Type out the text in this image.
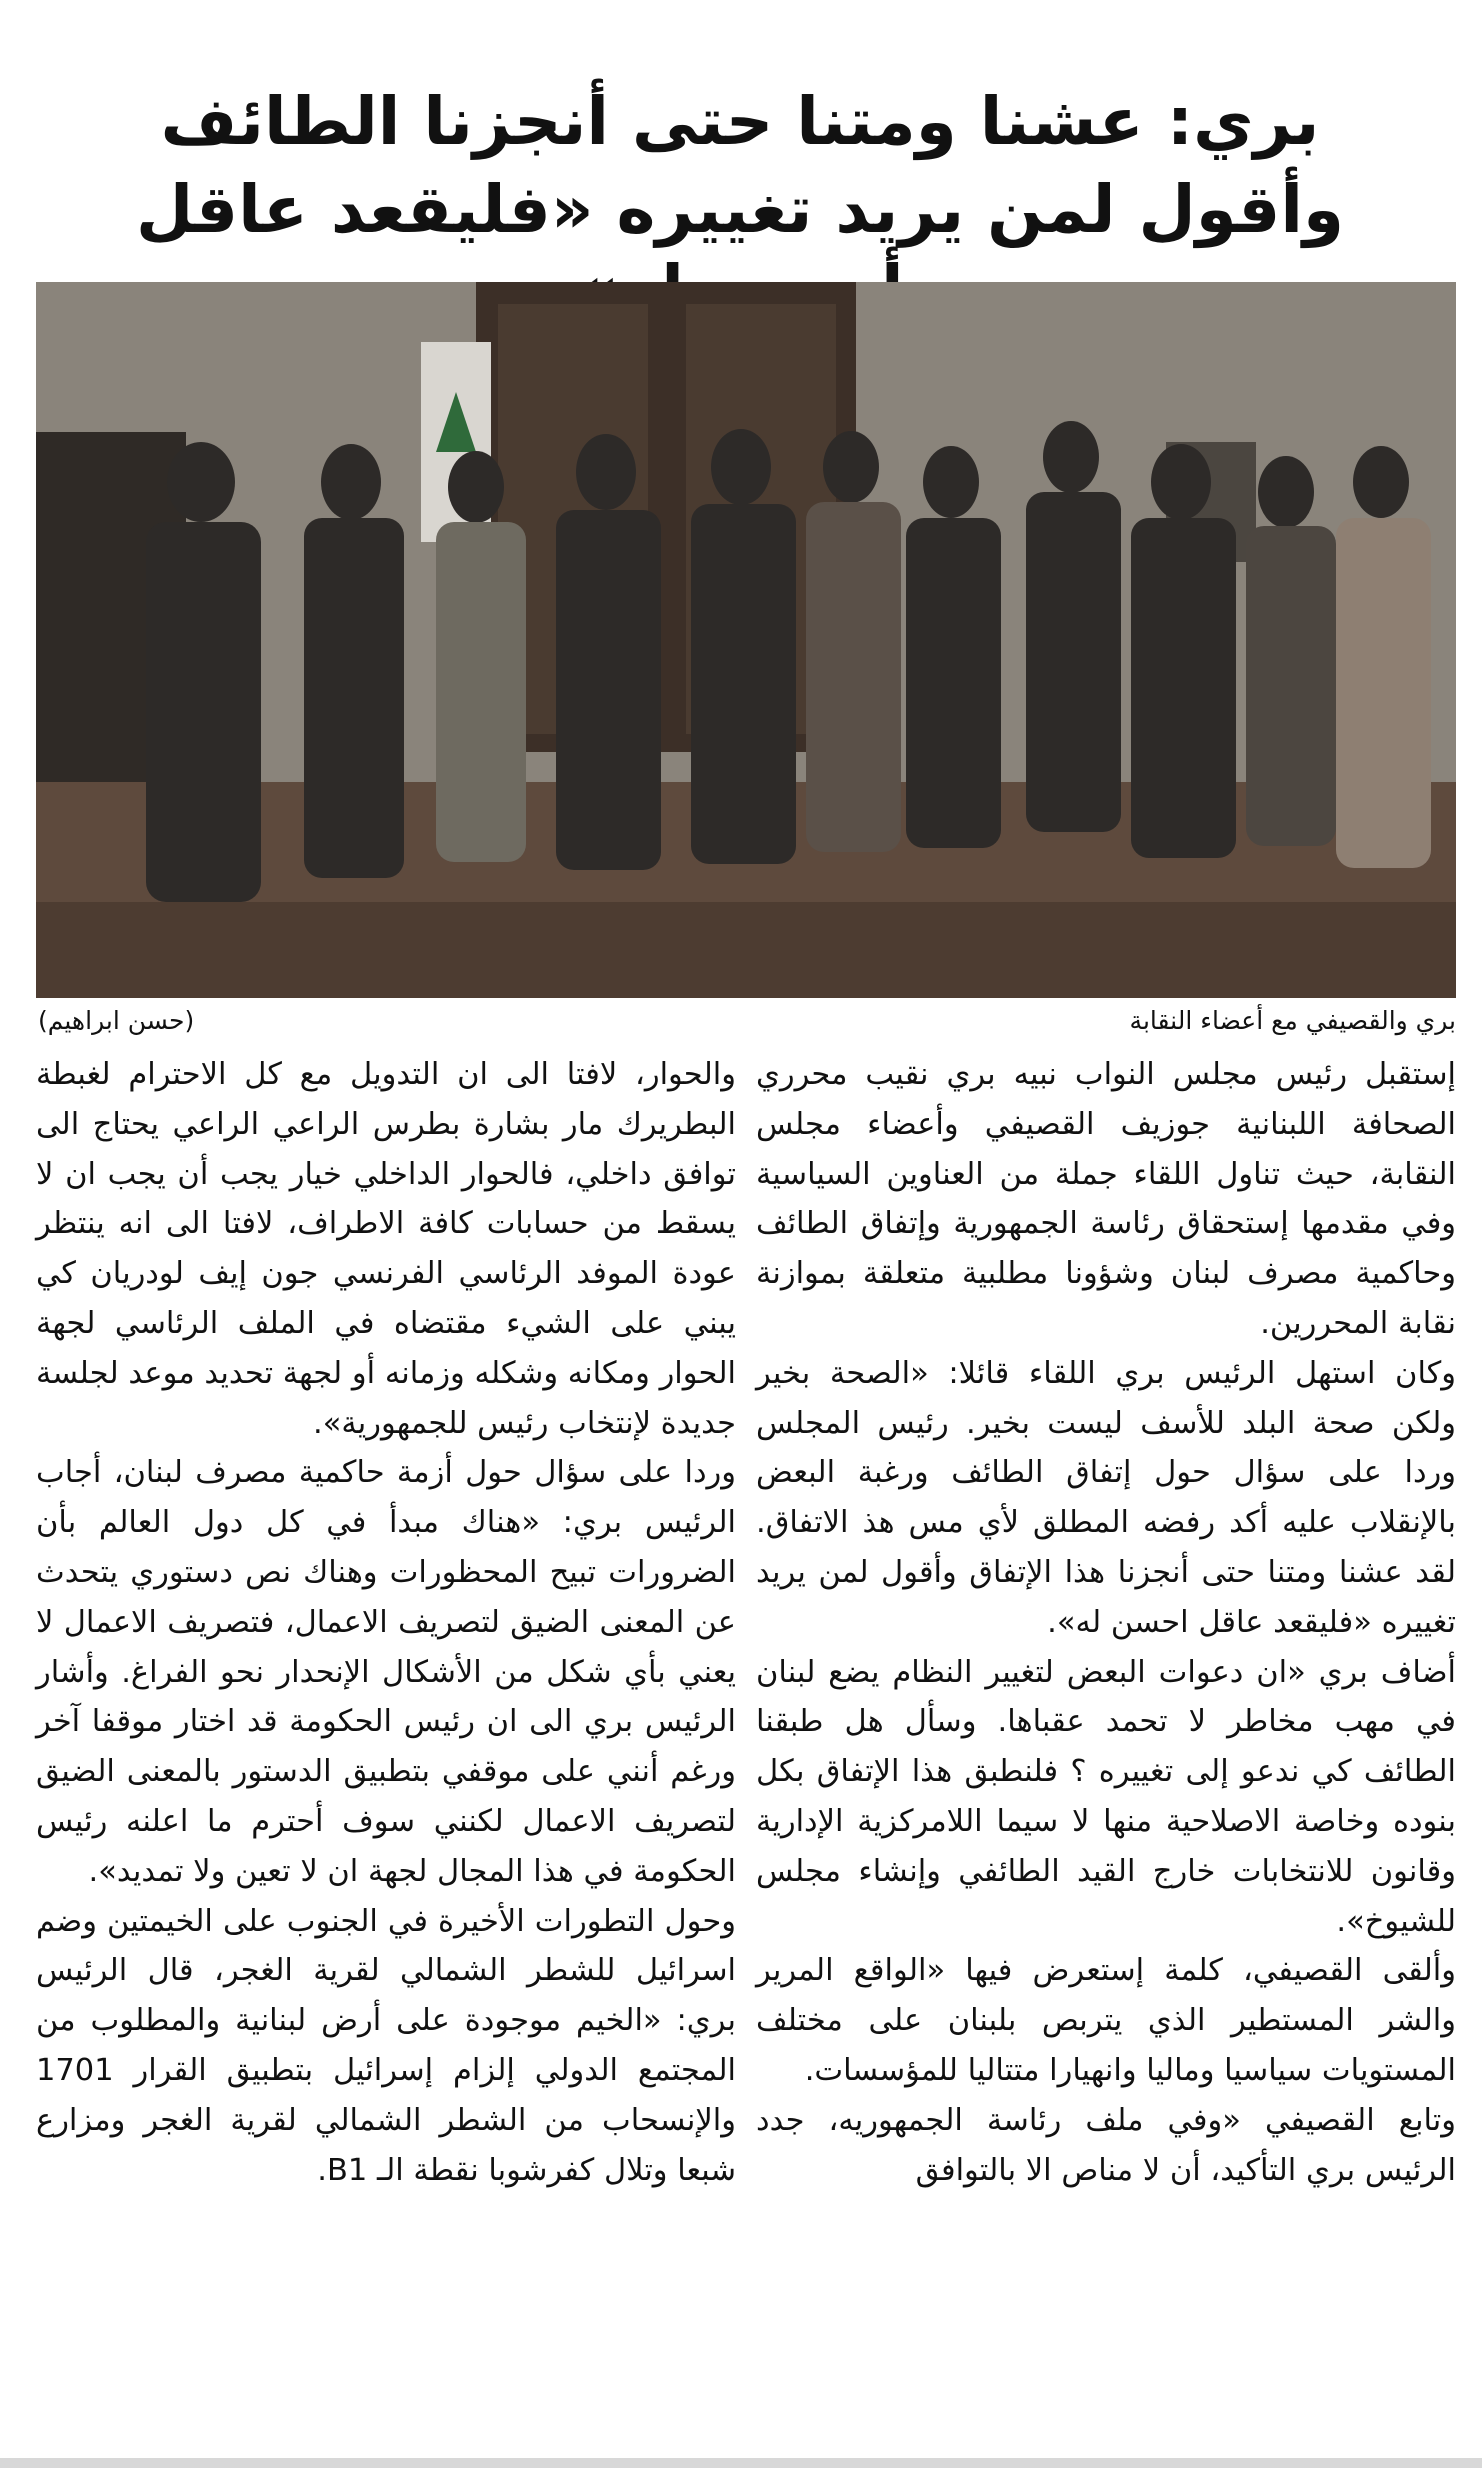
بري: عشنا ومتنا حتى أنجزنا الطائف
وأقول لمن يريد تغييره «فليقعد عاقل
(حسن ابراهيم)	بري والقصيفي مع أعضاء النقابة

إستقبل رئيس مجلس النواب نبيه بري نقيب محرري الصحافة اللبنانية جوزيف القصيفي وأعضاء مجلس النقابة، حيث تناول اللقاء جملة من العناوين السياسية وفي مقدمها إستحقاق رئاسة الجمهورية وإتفاق الطائف وحاكمية مصرف لبنان وشؤونا مطلبية متعلقة بموازنة نقابة المحررين.

وكان استهل الرئيس بري اللقاء قائلا: «الصحة بخير ولكن صحة البلد للأسف ليست بخير. رئيس المجلس وردا على سؤال حول إتفاق الطائف ورغبة البعض بالإنقلاب عليه أكد رفضه المطلق لأي مس هذ الاتفاق. لقد عشنا ومتنا حتى أنجزنا هذا الإتفاق وأقول لمن يريد تغييره «فليقعد عاقل احسن له».

أضاف بري «ان دعوات البعض لتغيير النظام يضع لبنان في مهب مخاطر لا تحمد عقباها. وسأل هل طبقنا الطائف كي ندعو إلى تغييره ؟ فلنطبق هذا الإتفاق بكل بنوده وخاصة الاصلاحية منها لا سيما اللامركزية الإدارية وقانون للانتخابات خارج القيد الطائفي وإنشاء مجلس للشيوخ».

وألقى القصيفي، كلمة إستعرض فيها «الواقع المرير والشر المستطير الذي يتربص بلبنان على مختلف المستويات سياسيا وماليا وانهيارا متتاليا للمؤسسات.

وتابع القصيفي «وفي ملف رئاسة الجمهوريه، جدد الرئيس بري التأكيد، أن لا مناص الا بالتوافق

والحوار، لافتا الى ان التدويل مع كل الاحترام لغبطة البطريرك مار بشارة بطرس الراعي الراعي يحتاج الى توافق داخلي، فالحوار الداخلي خيار يجب أن يجب ان لا يسقط من حسابات كافة الاطراف، لافتا الى انه ينتظر عودة الموفد الرئاسي الفرنسي جون إيف لودريان كي يبني على الشيء مقتضاه في الملف الرئاسي لجهة الحوار ومكانه وشكله وزمانه أو لجهة تحديد موعد لجلسة جديدة لإنتخاب رئيس للجمهورية».

وردا على سؤال حول أزمة حاكمية مصرف لبنان، أجاب الرئيس بري: «هناك مبدأ في كل دول العالم بأن الضرورات تبيح المحظورات وهناك نص دستوري يتحدث عن المعنى الضيق لتصريف الاعمال، فتصريف الاعمال لا يعني بأي شكل من الأشكال الإنحدار نحو الفراغ. وأشار الرئيس بري الى ان رئيس الحكومة قد اختار موقفا آخر ورغم أنني على موقفي بتطبيق الدستور بالمعنى الضيق لتصريف الاعمال لكنني سوف أحترم ما اعلنه رئيس الحكومة في هذا المجال لجهة ان لا تعين ولا تمديد».

وحول التطورات الأخيرة في الجنوب على الخيمتين وضم اسرائيل للشطر الشمالي لقرية الغجر، قال الرئيس بري: «الخيم موجودة على أرض لبنانية والمطلوب من المجتمع الدولي إلزام إسرائيل بتطبيق القرار 1701 والإنسحاب من الشطر الشمالي لقرية الغجر ومزارع شبعا وتلال كفرشوبا نقطة الـ B1.
